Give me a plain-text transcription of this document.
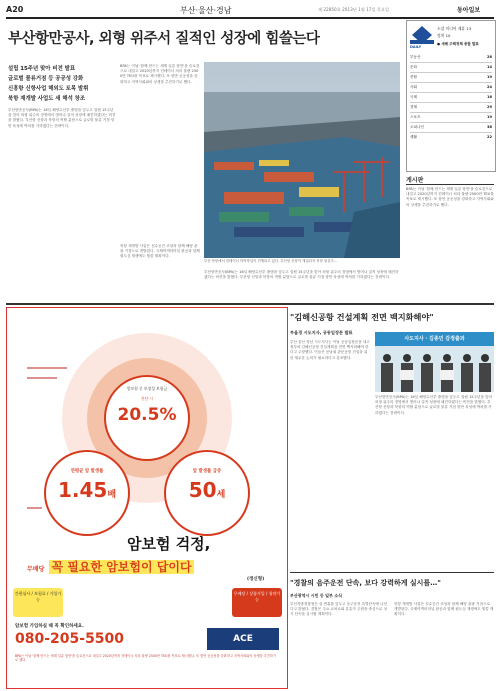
A20	부산·울산·경남	제 22850호 2013년 1월 17일 목요일	동아일보
부산항만공사, 외형 위주서 질적인 성장에 힘쓸는다
설립 15주년 맞아 비전 발표
글로벌 물류거점 등 공공성 강화
신흥항 신항사업 해외도 토목 발휘
북항 재개발 사업도 새 해석 창조
부산항만공사(BPA)는 16일 해양수산부 출범을 앞두고 설립 15주년을 맞아 외형 위주의 경영에서 벗어나 질적 성장에 매진하겠다는 비전을 밝혔다. 부산항 신항과 북항의 역할 분담으로 글로벌 물류 거점 항만 육성에 박차를 가하겠다는 전략이다.
BPA는 이날 '함께 만드는 세계 일류 항만'을 슬로건으로 내걸고 2020년까지 컨테이너 처리 물량 2500만 TEU를 목표로 제시했다. 또 항만 공공성을 강화하고 지역사회와의 상생을 추진하기로 했다.
북항 재개발 사업은 친수공간 조성과 함께 해양 관광 거점으로 개발된다. 국제여객터미널 완공과 함께 원도심 재생에도 힘쓸 계획이다.
부산 북항에서 컨테이너 하역작업이 진행되고 있다. 부산항 신항이 개설되자 북항 물류가...
부산항만공사(BPA)는 16일 해양수산부 출범을 앞두고 설립 15주년을 맞아 외형 위주의 경영에서 벗어나 질적 성장에 매진하겠다는 비전을 밝혔다. 부산항 신항과 북항의 역할 분담으로 글로벌 물류 거점 항만 육성에 박차를 가하겠다는 전략이다.
DAILY
소셜 미디어 제휴 13
정치 10
● 새해 주택정책 종합 발표
부동산	28
문화	14
종합	19
사회	24
국제	16
경제	29
스포츠	19
오피니언	38
생활	22
게시판
BPA는 이날 '함께 만드는 세계 일류 항만'을 슬로건으로 내걸고 2020년까지 컨테이너 처리 물량 2500만 TEU를 목표로 제시했다. 또 항만 공공성을 강화하고 지역사회와의 상생을 추진하기로 했다.
"김해신공항 건설계획 전면 백지화해야"
부울경 시도지사, 공동입장문 발표
부산 울산 경남 시도지사는 이날 공동입장문을 내고 정부의 김해신공항 건설계획을 전면 백지화해야 한다고 주장했다. 이들은 동남권 관문공항 건설을 위한 새로운 논의가 필요하다고 강조했다.
사도지사 · 김종민 감정출과
부산항만공사(BPA)는 16일 해양수산부 출범을 앞두고 설립 15주년을 맞아 외형 위주의 경영에서 벗어나 질적 성장에 매진하겠다는 비전을 밝혔다. 부산항 신항과 북항의 역할 분담으로 글로벌 물류 거점 항만 육성에 박차를 가하겠다는 전략이다.
"경찰의 음주운전 단속, 보다 강력하게 실시를…"
부산광역시 시민 등 일부 소식
부산지방경찰청은 설 연휴를 앞두고 음주운전 특별단속에 나선다고 밝혔다. 경찰은 주요 교차로와 유흥가 주변을 중심으로 상시 단속을 실시할 계획이다.
북항 재개발 사업은 친수공간 조성과 함께 해양 관광 거점으로 개발된다. 국제여객터미널 완공과 함께 원도심 재생에도 힘쓸 계획이다.
암보험 중 보장성 보험금
진단 시
20.5%
연평균 암 발생률
1.45배
암 발생률 급증
50세
암보험 걱정,
무배당 꼭 필요한 암보험이 답이다
(갱신형)
간편심사 / 보험료 / 가입가능
무배당 / 상품가입 / 청약가능
암보험 가입하실 때 꼭 확인하세요.
080-205-5500	ACE
BPA는 이날 '함께 만드는 세계 일류 항만'을 슬로건으로 내걸고 2020년까지 컨테이너 처리 물량 2500만 TEU를 목표로 제시했다. 또 항만 공공성을 강화하고 지역사회와의 상생을 추진하기로 했다.
